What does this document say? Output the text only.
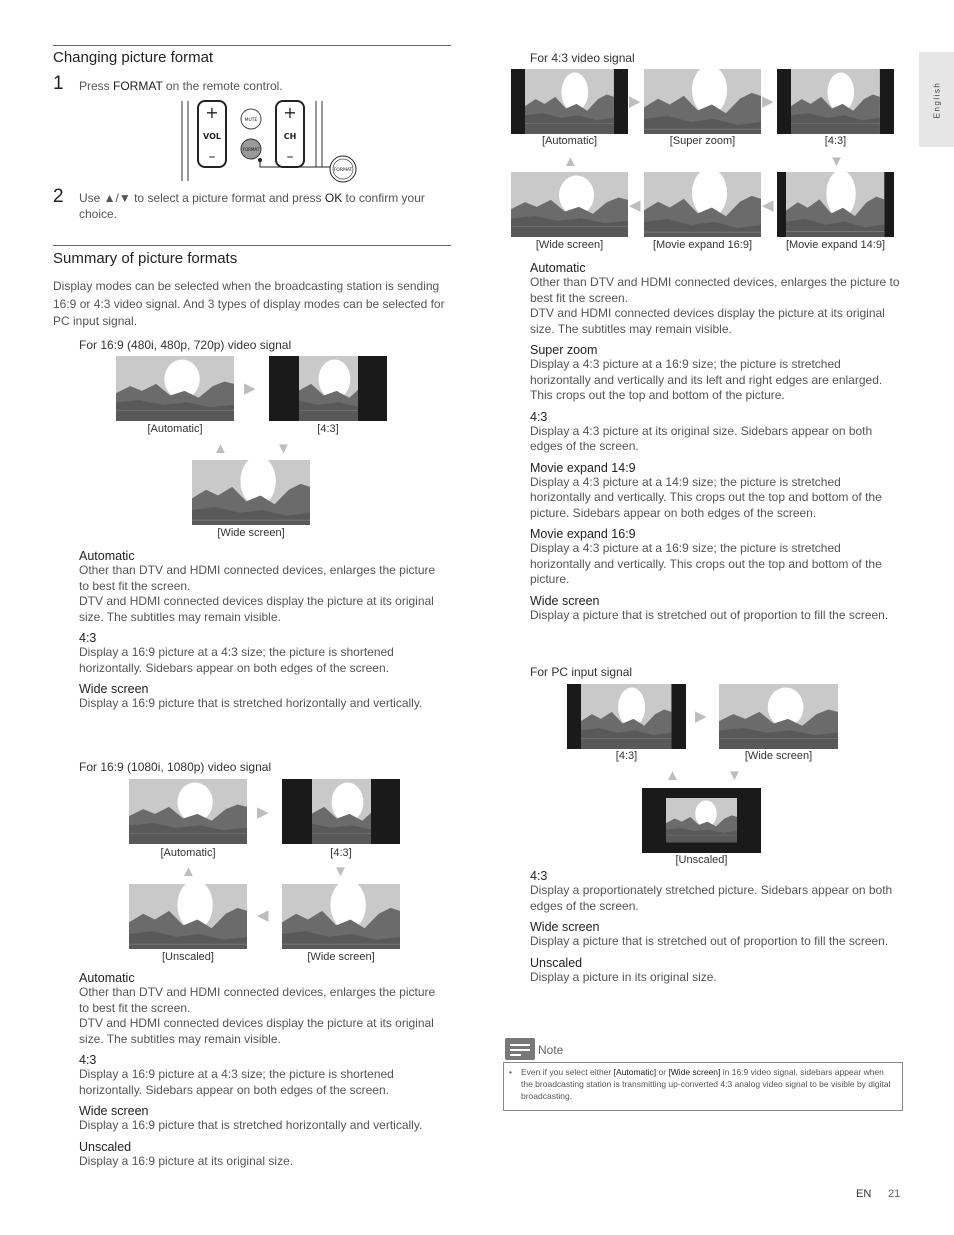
English
Changing picture format
1 Press FORMAT on the remote control.
+
VOL
–
+
CH
–
MUTE
FORMAT
FORMAT
2 Use ▲/▼ to select a picture format and press OK to confirm your choice.
Summary of picture formats
Display modes can be selected when the broadcasting station is sending 16:9 or 4:3 video signal. And 3 types of display modes can be selected for PC input signal.
For 16:9 (480i, 480p, 720p) video signal
[Automatic]	[4:3]
[Wide screen]
Automatic
Other than DTV and HDMI connected devices, enlarges the picture to best fit the screen.
DTV and HDMI connected devices display the picture at its original size. The subtitles may remain visible.
4:3
Display a 16:9 picture at a 4:3 size; the picture is shortened horizontally. Sidebars appear on both edges of the screen.
Wide screen
Display a 16:9 picture that is stretched horizontally and vertically.
For 16:9 (1080i, 1080p) video signal
[Automatic]	[4:3]
[Unscaled]	[Wide screen]
Automatic
Other than DTV and HDMI connected devices, enlarges the picture to best fit the screen.
DTV and HDMI connected devices display the picture at its original size. The subtitles may remain visible.
4:3
Display a 16:9 picture at a 4:3 size; the picture is shortened horizontally. Sidebars appear on both edges of the screen.
Wide screen
Display a 16:9 picture that is stretched horizontally and vertically.
Unscaled
Display a 16:9 picture at its original size.
For 4:3 video signal
[Automatic]	[Super zoom]	[4:3]
[Wide screen]	[Movie expand 16:9]	[Movie expand 14:9]
Automatic
Other than DTV and HDMI connected devices, enlarges the picture to best fit the screen.
DTV and HDMI connected devices display the picture at its original size. The subtitles may remain visible.
Super zoom
Display a 4:3 picture at a 16:9 size; the picture is stretched horizontally and vertically and its left and right edges are enlarged. This crops out the top and bottom of the picture.
4:3
Display a 4:3 picture at its original size. Sidebars appear on both edges of the screen.
Movie expand 14:9
Display a 4:3 picture at a 14:9 size; the picture is stretched horizontally and vertically. This crops out the top and bottom of the picture. Sidebars appear on both edges of the screen.
Movie expand 16:9
Display a 4:3 picture at a 16:9 size; the picture is stretched horizontally and vertically. This crops out the top and bottom of the picture.
Wide screen
Display a picture that is stretched out of proportion to fill the screen.
For PC input signal
[4:3]	[Wide screen]
[Unscaled]
4:3
Display a proportionately stretched picture. Sidebars appear on both edges of the screen.
Wide screen
Display a picture that is stretched out of proportion to fill the screen.
Unscaled
Display a picture in its original size.
Note
• Even if you select either [Automatic] or [Wide screen] in 16:9 video signal, sidebars appear when the broadcasting station is transmitting up-converted 4:3 analog video signal to be visible by digital broadcasting.
EN 21
▶
▲	▼
▶
▲	▼
◀
▶	▶
▲	▼
◀	◀
▶
▲	▼
